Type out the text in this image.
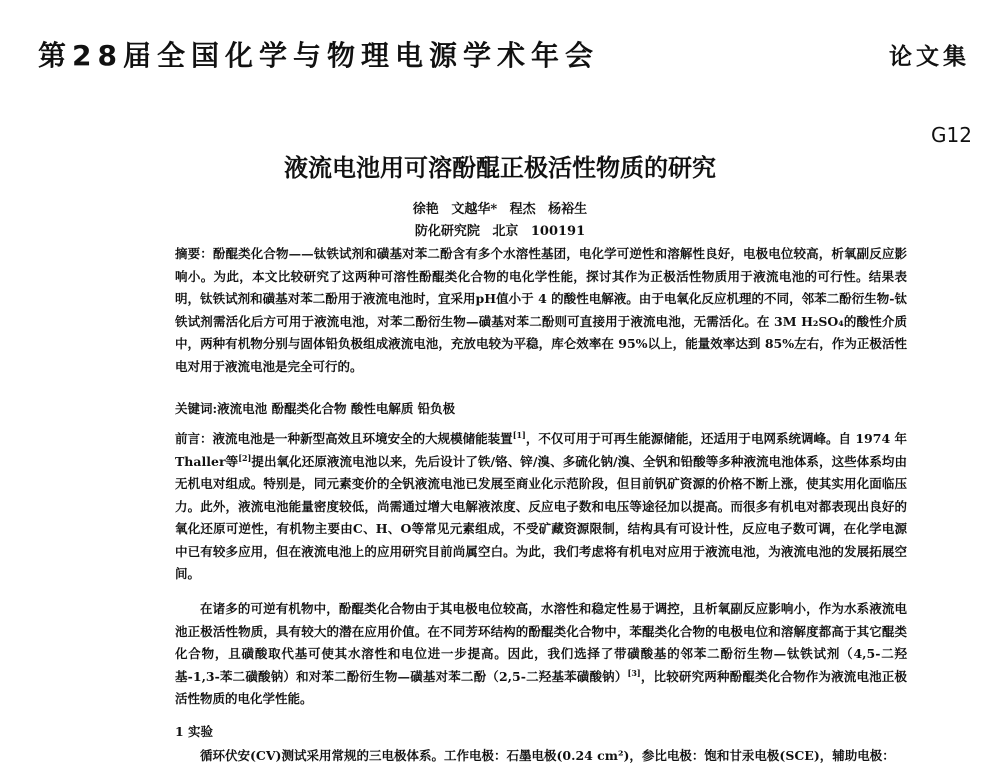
第28届全国化学与物理电源学术年会	论文集
G12
液流电池用可溶酚醌正极活性物质的研究
徐艳 文越华* 程杰 杨裕生
防化研究院 北京 100191

摘要：酚醌类化合物——钛铁试剂和磺基对苯二酚含有多个水溶性基团，电化学可逆性和溶解性良好，电极电位较高，析氧副反应影响小。为此，本文比较研究了这两种可溶性酚醌类化合物的电化学性能，探讨其作为正极活性物质用于液流电池的可行性。结果表明，钛铁试剂和磺基对苯二酚用于液流电池时，宜采用pH值小于 4 的酸性电解液。由于电氧化反应机理的不同，邻苯二酚衍生物-钛铁试剂需活化后方可用于液流电池，对苯二酚衍生物—磺基对苯二酚则可直接用于液流电池，无需活化。在 3M H₂SO₄的酸性介质中，两种有机物分别与固体铅负极组成液流电池，充放电较为平稳，库仑效率在 95%以上，能量效率达到 85%左右，作为正极活性电对用于液流电池是完全可行的。

关键词:液流电池 酚醌类化合物 酸性电解质 铅负极

前言：液流电池是一种新型高效且环境安全的大规模储能装置[1]，不仅可用于可再生能源储能，还适用于电网系统调峰。自 1974 年Thaller等[2]提出氧化还原液流电池以来，先后设计了铁/铬、锌/溴、多硫化钠/溴、全钒和铅酸等多种液流电池体系，这些体系均由无机电对组成。特别是，同元素变价的全钒液流电池已发展至商业化示范阶段，但目前钒矿资源的价格不断上涨，使其实用化面临压力。此外，液流电池能量密度较低，尚需通过增大电解液浓度、反应电子数和电压等途径加以提高。而很多有机电对都表现出良好的氧化还原可逆性，有机物主要由C、H、O等常见元素组成，不受矿藏资源限制，结构具有可设计性，反应电子数可调，在化学电源中已有较多应用，但在液流电池上的应用研究目前尚属空白。为此，我们考虑将有机电对应用于液流电池，为液流电池的发展拓展空间。

在诸多的可逆有机物中，酚醌类化合物由于其电极电位较高，水溶性和稳定性易于调控，且析氧副反应影响小，作为水系液流电池正极活性物质，具有较大的潜在应用价值。在不同芳环结构的酚醌类化合物中，苯醌类化合物的电极电位和溶解度都高于其它醌类化合物，且磺酸取代基可使其水溶性和电位进一步提高。因此，我们选择了带磺酸基的邻苯二酚衍生物—钛铁试剂（4,5-二羟基-1,3-苯二磺酸钠）和对苯二酚衍生物—磺基对苯二酚（2,5-二羟基苯磺酸钠）[3]，比较研究两种酚醌类化合物作为液流电池正极活性物质的电化学性能。

1 实验
循环伏安(CV)测试采用常规的三电极体系。工作电极：石墨电极(0.24 cm²)，参比电极：饱和甘汞电极(SCE)，辅助电极：
